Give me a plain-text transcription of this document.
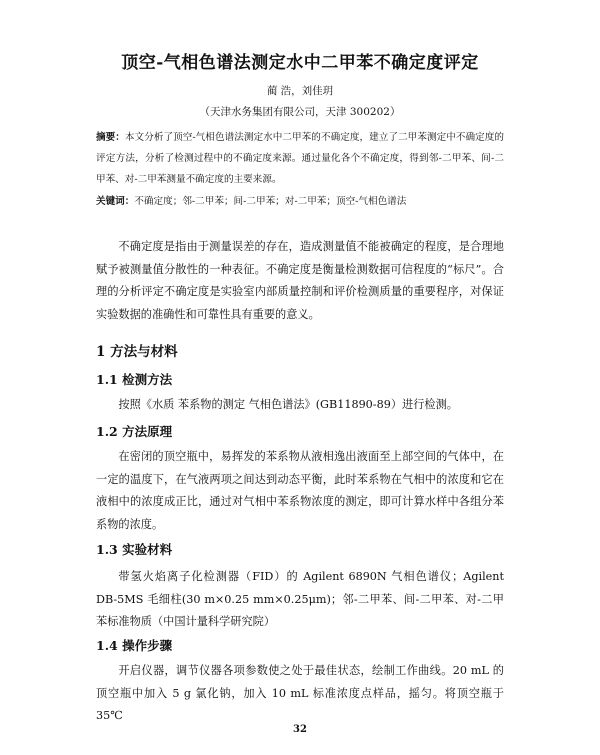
顶空-气相色谱法测定水中二甲苯不确定度评定
蔺 浩，刘佳玥
（天津水务集团有限公司，天津 300202）
摘要：本文分析了顶空-气相色谱法测定水中二甲苯的不确定度，建立了二甲苯测定中不确定度的评定方法，分析了检测过程中的不确定度来源。通过量化各个不确定度，得到邻-二甲苯、间-二甲苯、对-二甲苯测量不确定度的主要来源。
关键词：不确定度；邻-二甲苯；间-二甲苯；对-二甲苯；顶空-气相色谱法

不确定度是指由于测量误差的存在，造成测量值不能被确定的程度，是合理地赋予被测量值分散性的一种表征。不确定度是衡量检测数据可信程度的“标尺”。合理的分析评定不确定度是实验室内部质量控制和评价检测质量的重要程序，对保证实验数据的准确性和可靠性具有重要的意义。

1 方法与材料
1.1 检测方法

按照《水质 苯系物的测定 气相色谱法》(GB11890-89）进行检测。

1.2 方法原理

在密闭的顶空瓶中，易挥发的苯系物从液相逸出液面至上部空间的气体中，在一定的温度下，在气液两项之间达到动态平衡，此时苯系物在气相中的浓度和它在液相中的浓度成正比，通过对气相中苯系物浓度的测定，即可计算水样中各组分苯系物的浓度。

1.3 实验材料

带氢火焰离子化检测器（FID）的 Agilent 6890N 气相色谱仪；Agilent DB-5MS 毛细柱(30 m×0.25 mm×0.25μm)；邻-二甲苯、间-二甲苯、对-二甲苯标准物质（中国计量科学研究院）

1.4 操作步骤

开启仪器，调节仪器各项参数使之处于最佳状态，绘制工作曲线。20 mL 的顶空瓶中加入 5 g 氯化钠，加入 10 mL 标准浓度点样品，摇匀。将顶空瓶于 35℃

32
